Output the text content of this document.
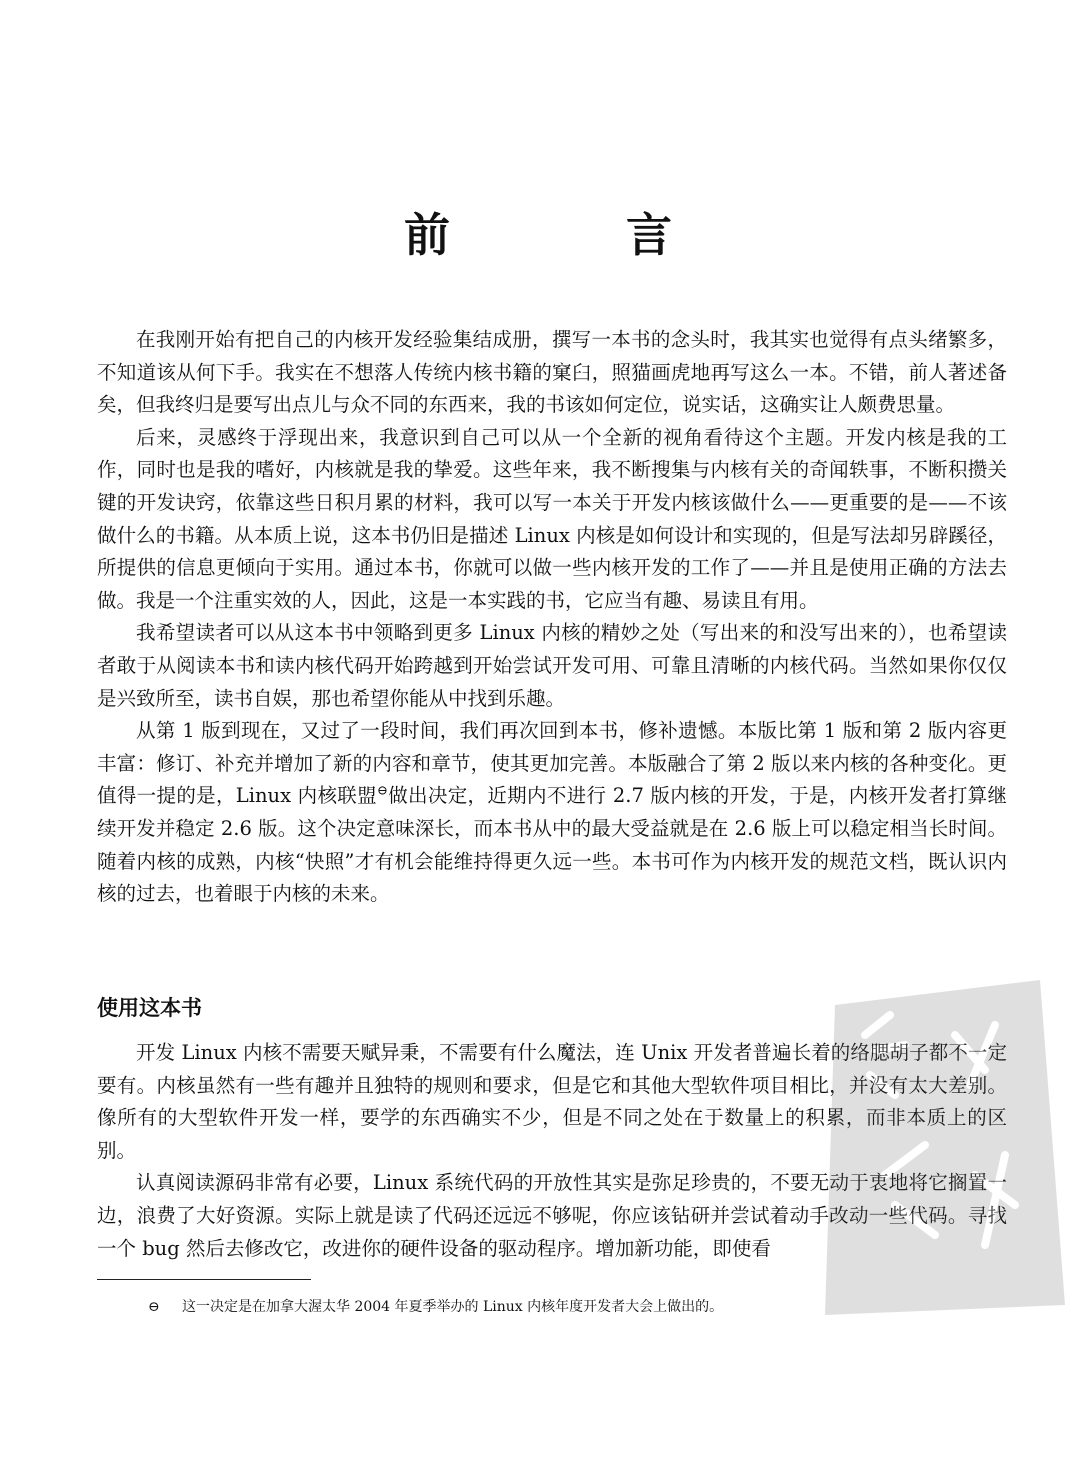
前 言

在我刚开始有把自己的内核开发经验集结成册，撰写一本书的念头时，我其实也觉得有点头绪繁多，不知道该从何下手。我实在不想落人传统内核书籍的窠臼，照猫画虎地再写这么一本。不错，前人著述备矣，但我终归是要写出点儿与众不同的东西来，我的书该如何定位，说实话，这确实让人颇费思量。

后来，灵感终于浮现出来，我意识到自己可以从一个全新的视角看待这个主题。开发内核是我的工作，同时也是我的嗜好，内核就是我的挚爱。这些年来，我不断搜集与内核有关的奇闻轶事，不断积攒关键的开发诀窍，依靠这些日积月累的材料，我可以写一本关于开发内核该做什么——更重要的是——不该做什么的书籍。从本质上说，这本书仍旧是描述 Linux 内核是如何设计和实现的，但是写法却另辟蹊径，所提供的信息更倾向于实用。通过本书，你就可以做一些内核开发的工作了——并且是使用正确的方法去做。我是一个注重实效的人，因此，这是一本实践的书，它应当有趣、易读且有用。

我希望读者可以从这本书中领略到更多 Linux 内核的精妙之处（写出来的和没写出来的），也希望读者敢于从阅读本书和读内核代码开始跨越到开始尝试开发可用、可靠且清晰的内核代码。当然如果你仅仅是兴致所至，读书自娱，那也希望你能从中找到乐趣。

从第 1 版到现在，又过了一段时间，我们再次回到本书，修补遗憾。本版比第 1 版和第 2 版内容更丰富：修订、补充并增加了新的内容和章节，使其更加完善。本版融合了第 2 版以来内核的各种变化。更值得一提的是，Linux 内核联盟⊖做出决定，近期内不进行 2.7 版内核的开发，于是，内核开发者打算继续开发并稳定 2.6 版。这个决定意味深长，而本书从中的最大受益就是在 2.6 版上可以稳定相当长时间。随着内核的成熟，内核“快照”才有机会能维持得更久远一些。本书可作为内核开发的规范文档，既认识内核的过去，也着眼于内核的未来。

使用这本书

开发 Linux 内核不需要天赋异秉，不需要有什么魔法，连 Unix 开发者普遍长着的络腮胡子都不一定要有。内核虽然有一些有趣并且独特的规则和要求，但是它和其他大型软件项目相比，并没有太大差别。像所有的大型软件开发一样，要学的东西确实不少，但是不同之处在于数量上的积累，而非本质上的区别。

认真阅读源码非常有必要，Linux 系统代码的开放性其实是弥足珍贵的，不要无动于衷地将它搁置一边，浪费了大好资源。实际上就是读了代码还远远不够呢，你应该钻研并尝试着动手改动一些代码。寻找一个 bug 然后去修改它，改进你的硬件设备的驱动程序。增加新功能，即使看

⊖ 这一决定是在加拿大渥太华 2004 年夏季举办的 Linux 内核年度开发者大会上做出的。
